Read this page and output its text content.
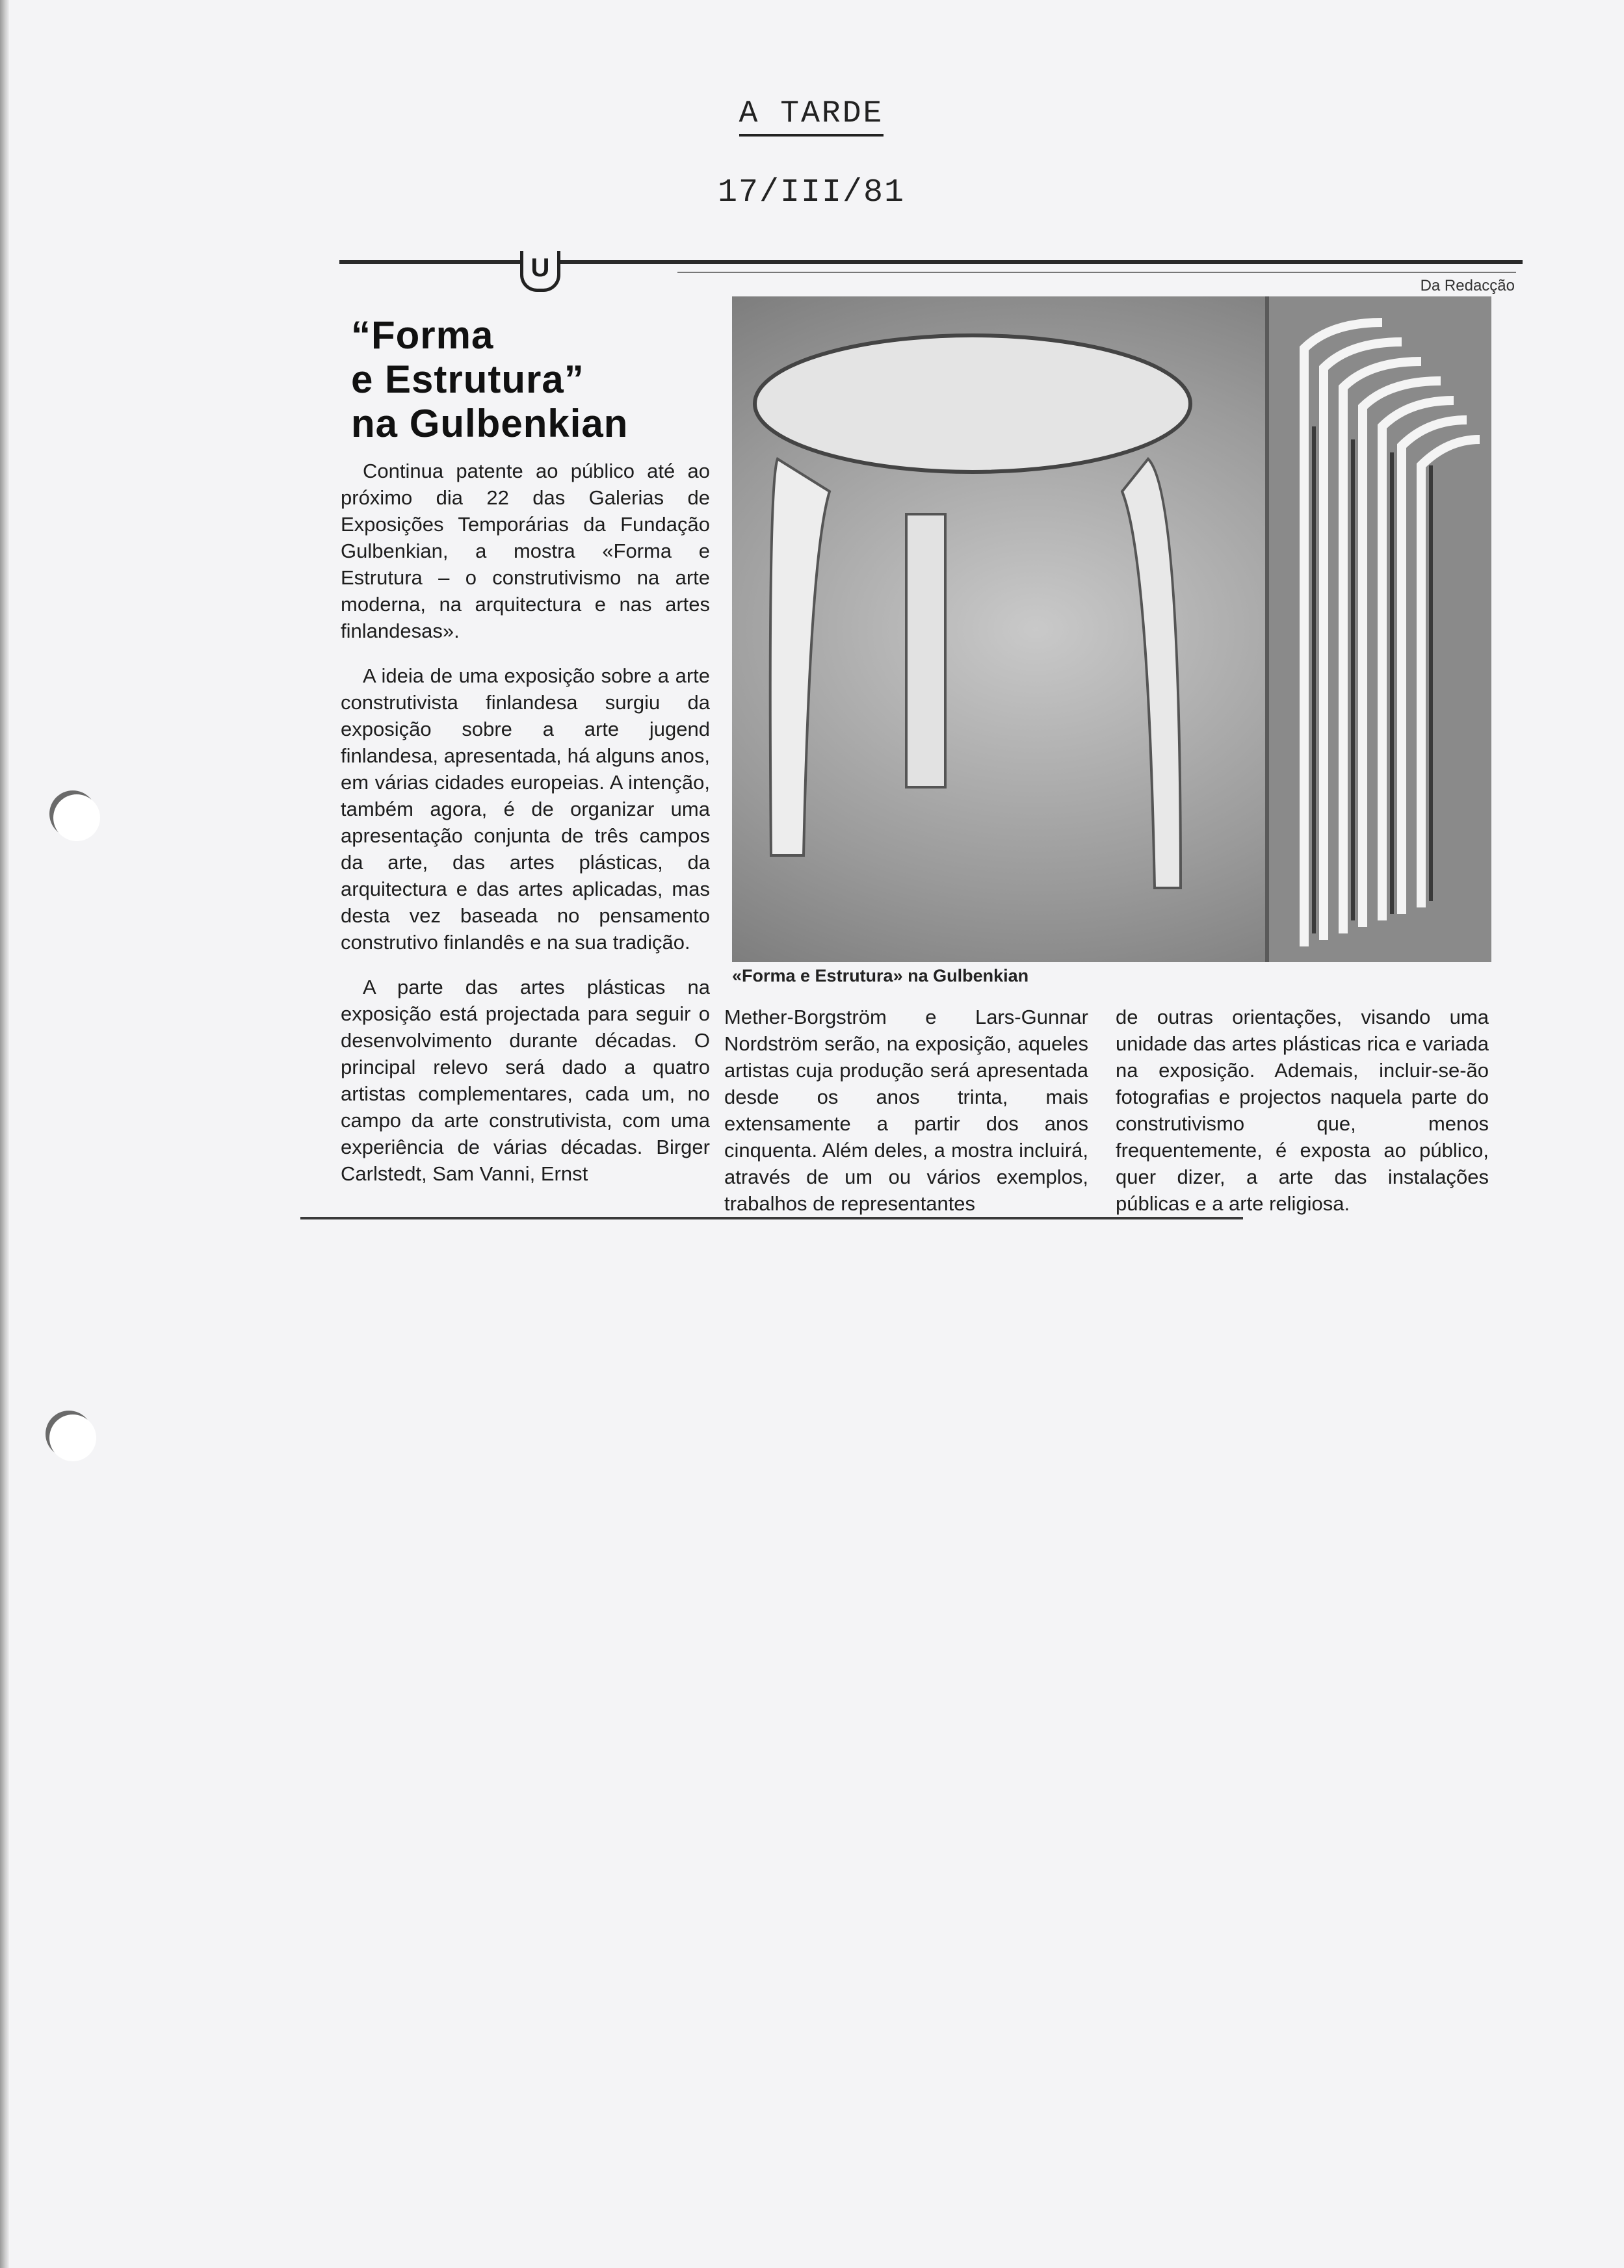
A TARDE
17/III/81
U
Da Redacção
“Forma
e Estrutura”
na Gulbenkian

Continua patente ao público até ao próximo dia 22 das Galerias de Exposições Temporárias da Fundação Gulbenkian, a mostra «Forma e Estrutura – o construtivismo na arte moderna, na arquitectura e nas artes finlandesas».

A ideia de uma exposição sobre a arte construtivista finlandesa surgiu da exposição sobre a arte jugend finlandesa, apresentada, há alguns anos, em várias cidades europeias. A intenção, também agora, é de organizar uma apresentação conjunta de três campos da arte, das artes plásticas, da arquitectura e das artes aplicadas, mas desta vez baseada no pensamento construtivo finlandês e na sua tradição.

A parte das artes plásticas na exposição está projectada para seguir o desenvolvimento durante décadas. O principal relevo será dado a quatro artistas complementares, cada um, no campo da arte construtivista, com uma experiência de várias décadas. Birger Carlstedt, Sam Vanni, Ernst

«Forma e Estrutura» na Gulbenkian

Mether-Borgström e Lars-Gunnar Nordström serão, na exposição, aqueles artistas cuja produção será apresentada desde os anos trinta, mais extensamente a partir dos anos cinquenta. Além deles, a mostra incluirá, através de um ou vários exemplos, trabalhos de representantes

de outras orientações, visando uma unidade das artes plásticas rica e variada na exposição. Ademais, incluir-se-ão fotografias e projectos naquela parte do construtivismo que, menos frequentemente, é exposta ao público, quer dizer, a arte das instalações públicas e a arte religiosa.
